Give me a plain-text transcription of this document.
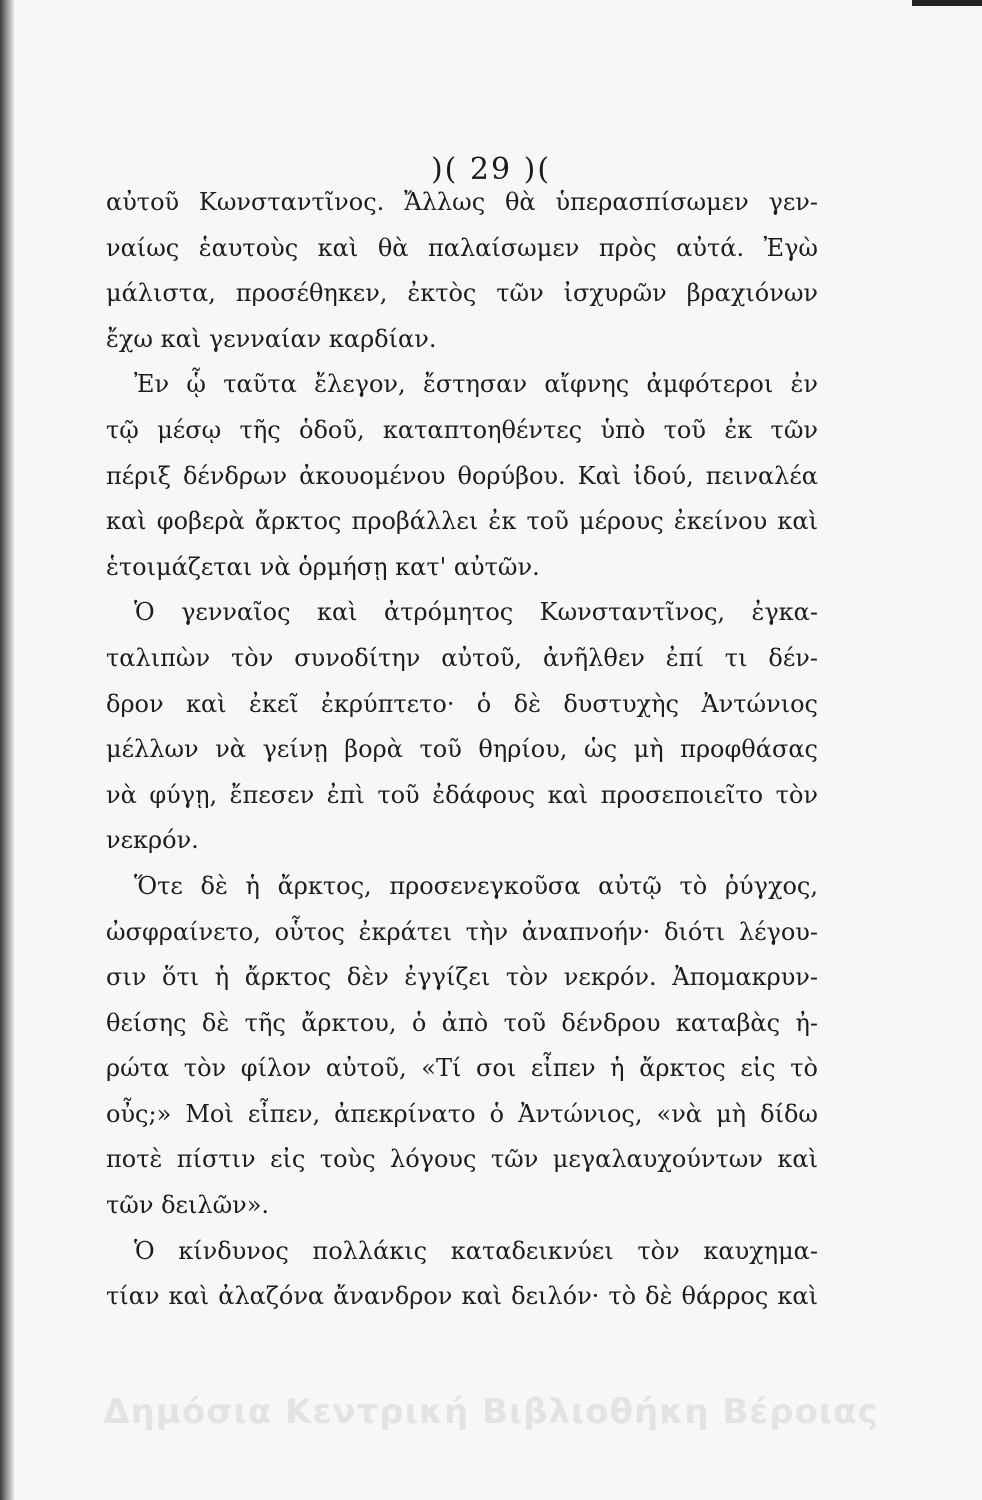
)( 29 )(
αὐτοῦ Κωνσταντῖνος. Ἄλλως θὰ ὑπερασπίσωμεν γεν-
ναίως ἑαυτοὺς καὶ θὰ παλαίσωμεν πρὸς αὐτά. Ἐγὼ
μάλιστα, προσέθηκεν, ἐκτὸς τῶν ἰσχυρῶν βραχιόνων
ἔχω καὶ γενναίαν καρδίαν.
Ἐν ᾧ ταῦτα ἔλεγον, ἔστησαν αἴφνης ἀμφότεροι ἐν
τῷ μέσῳ τῆς ὁδοῦ, καταπτοηθέντες ὑπὸ τοῦ ἐκ τῶν
πέριξ δένδρων ἀκουομένου θορύβου. Καὶ ἰδού, πειναλέα
καὶ φοβερὰ ἄρκτος προβάλλει ἐκ τοῦ μέρους ἐκείνου καὶ
ἑτοιμάζεται νὰ ὁρμήσῃ κατ' αὐτῶν.
Ὁ γενναῖος καὶ ἀτρόμητος Κωνσταντῖνος, ἐγκα-
ταλιπὼν τὸν συνοδίτην αὐτοῦ, ἀνῆλθεν ἐπί τι δέν-
δρον καὶ ἐκεῖ ἐκρύπτετο· ὁ δὲ δυστυχὴς Ἀντώνιος
μέλλων νὰ γείνῃ βορὰ τοῦ θηρίου, ὡς μὴ προφθάσας
νὰ φύγῃ, ἔπεσεν ἐπὶ τοῦ ἐδάφους καὶ προσεποιεῖτο τὸν
νεκρόν.
Ὅτε δὲ ἡ ἄρκτος, προσενεγκοῦσα αὐτῷ τὸ ῥύγχος,
ὠσφραίνετο, οὗτος ἐκράτει τὴν ἀναπνοήν· διότι λέγου-
σιν ὅτι ἡ ἄρκτος δὲν ἐγγίζει τὸν νεκρόν. Ἀπομακρυν-
θείσης δὲ τῆς ἄρκτου, ὁ ἀπὸ τοῦ δένδρου καταβὰς ἠ-
ρώτα τὸν φίλον αὐτοῦ, «Τί σοι εἶπεν ἡ ἄρκτος εἰς τὸ
οὖς;» Μοὶ εἶπεν, ἀπεκρίνατο ὁ Ἀντώνιος, «νὰ μὴ δίδω
ποτὲ πίστιν εἰς τοὺς λόγους τῶν μεγαλαυχούντων καὶ
τῶν δειλῶν».
Ὁ κίνδυνος πολλάκις καταδεικνύει τὸν καυχημα-
τίαν καὶ ἀλαζόνα ἄνανδρον καὶ δειλόν· τὸ δὲ θάρρος καὶ
Δημόσια Κεντρική Βιβλιοθήκη Βέροιας
